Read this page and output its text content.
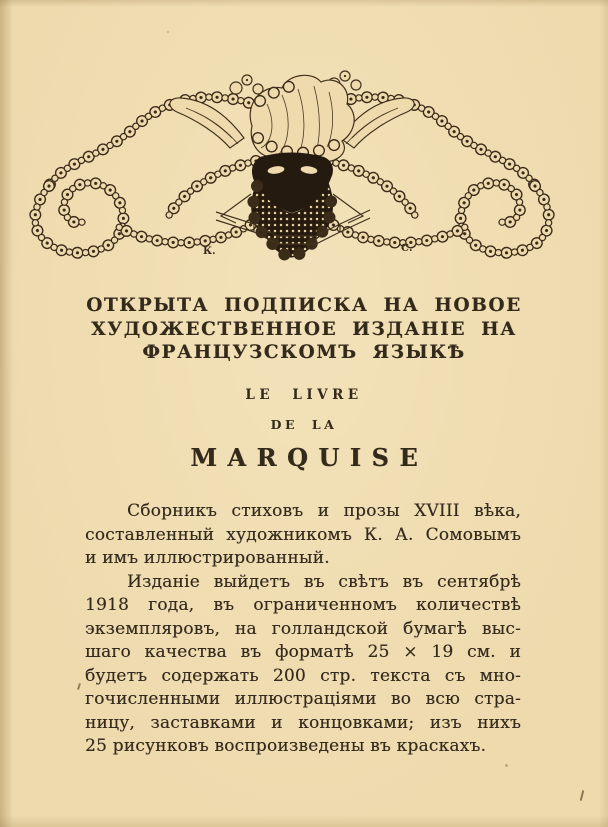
К.	С.
ОТКРЫТА ПОДПИСКА НА НОВОЕ
ХУДОЖЕСТВЕННОЕ ИЗДАНІЕ НА
ФРАНЦУЗСКОМЪ ЯЗЫКѢ
LE LIVRE
DE LA
MARQUISE
Сборникъ стиховъ и прозы XVIII вѣка,
составленный художникомъ К. А. Сомовымъ
и имъ иллюстрированный.
Изданіе выйдетъ въ свѣтъ въ сентябрѣ
1918 года, въ ограниченномъ количествѣ
экземпляровъ, на голландской бумагѣ выс-
шаго качества въ форматѣ 25 × 19 см. и
будетъ содержать 200 стр. текста съ мно-
гочисленными иллюстраціями во всю стра-
ницу, заставками и концовками; изъ нихъ
25 рисунковъ воспроизведены въ краскахъ.
